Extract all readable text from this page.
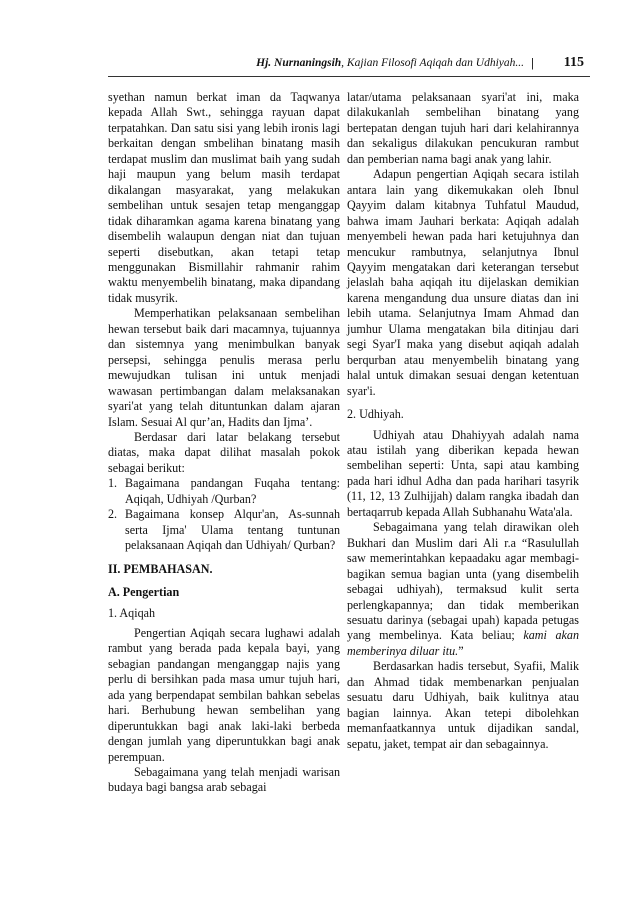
Hj. Nurnaningsih, Kajian Filosofi Aqiqah dan Udhiyah... | 115

syethan namun berkat iman da Taqwanya kepada Allah Swt., sehingga rayuan dapat terpatahkan. Dan satu sisi yang lebih ironis lagi berkaitan dengan smbelihan binatang masih terdapat muslim dan muslimat baih yang sudah haji maupun yang belum masih terdapat dikalangan masyarakat, yang melakukan sembelihan untuk sesajen tetap menganggap tidak diharamkan agama karena binatang yang disembelih walaupun dengan niat dan tujuan seperti disebutkan, akan tetapi tetap menggunakan Bismillahir rahmanir rahim waktu menyembelih binatang, maka dipandang tidak musyrik.

Memperhatikan pelaksanaan sembelihan hewan tersebut baik dari macamnya, tujuannya dan sistemnya yang menimbulkan banyak persepsi, sehingga penulis merasa perlu mewujudkan tulisan ini untuk menjadi wawasan pertimbangan dalam melaksanakan syari'at yang telah dituntunkan dalam ajaran Islam. Sesuai Al qur’an, Hadits dan Ijma’.

Berdasar dari latar belakang tersebut diatas, maka dapat dilihat masalah pokok sebagai berikut:

1. Bagaimana pandangan Fuqaha tentang: Aqiqah, Udhiyah /Qurban?
2. Bagaimana konsep Alqur'an, As-sunnah serta Ijma' Ulama tentang tuntunan pelaksanaan Aqiqah dan Udhiyah/ Qurban?
II. PEMBAHASAN.
A. Pengertian

1. Aqiqah

Pengertian Aqiqah secara lughawi adalah rambut yang berada pada kepala bayi, yang sebagian pandangan menganggap najis yang perlu di bersihkan pada masa umur tujuh hari, ada yang berpendapat sembilan bahkan sebelas hari. Berhubung hewan sembelihan yang diperuntukkan bagi anak laki-laki berbeda dengan jumlah yang diperuntukkan bagi anak perempuan.

Sebagaimana yang telah menjadi warisan budaya bagi bangsa arab sebagai

latar/utama pelaksanaan syari'at ini, maka dilakukanlah sembelihan binatang yang bertepatan dengan tujuh hari dari kelahirannya dan sekaligus dilakukan pencukuran rambut dan pemberian nama bagi anak yang lahir.

Adapun pengertian Aqiqah secara istilah antara lain yang dikemukakan oleh Ibnul Qayyim dalam kitabnya Tuhfatul Maudud, bahwa imam Jauhari berkata: Aqiqah adalah menyembeli hewan pada hari ketujuhnya dan mencukur rambutnya, selanjutnya Ibnul Qayyim mengatakan dari keterangan tersebut jelaslah baha aqiqah itu dijelaskan demikian karena mengandung dua unsure diatas dan ini lebih utama. Selanjutnya Imam Ahmad dan jumhur Ulama mengatakan bila ditinjau dari segi Syar'I maka yang disebut aqiqah adalah berqurban atau menyembelih binatang yang halal untuk dimakan sesuai dengan ketentuan syar'i.

2. Udhiyah.

Udhiyah atau Dhahiyyah adalah nama atau istilah yang diberikan kepada hewan sembelihan seperti: Unta, sapi atau kambing pada hari idhul Adha dan pada harihari tasyrik (11, 12, 13 Zulhijjah) dalam rangka ibadah dan bertaqarrub kepada Allah Subhanahu Wata'ala.

Sebagaimana yang telah dirawikan oleh Bukhari dan Muslim dari Ali r.a “Rasulullah saw memerintahkan kepaadaku agar membagi-bagikan semua bagian unta (yang disembelih sebagai udhiyah), termaksud kulit serta perlengkapannya; dan tidak memberikan sesuatu darinya (sebagai upah) kapada petugas yang membelinya. Kata beliau; kami akan memberinya diluar itu.”

Berdasarkan hadis tersebut, Syafii, Malik dan Ahmad tidak membenarkan penjualan sesuatu daru Udhiyah, baik kulitnya atau bagian lainnya. Akan tetepi dibolehkan memanfaatkannya untuk dijadikan sandal, sepatu, jaket, tempat air dan sebagainnya.
